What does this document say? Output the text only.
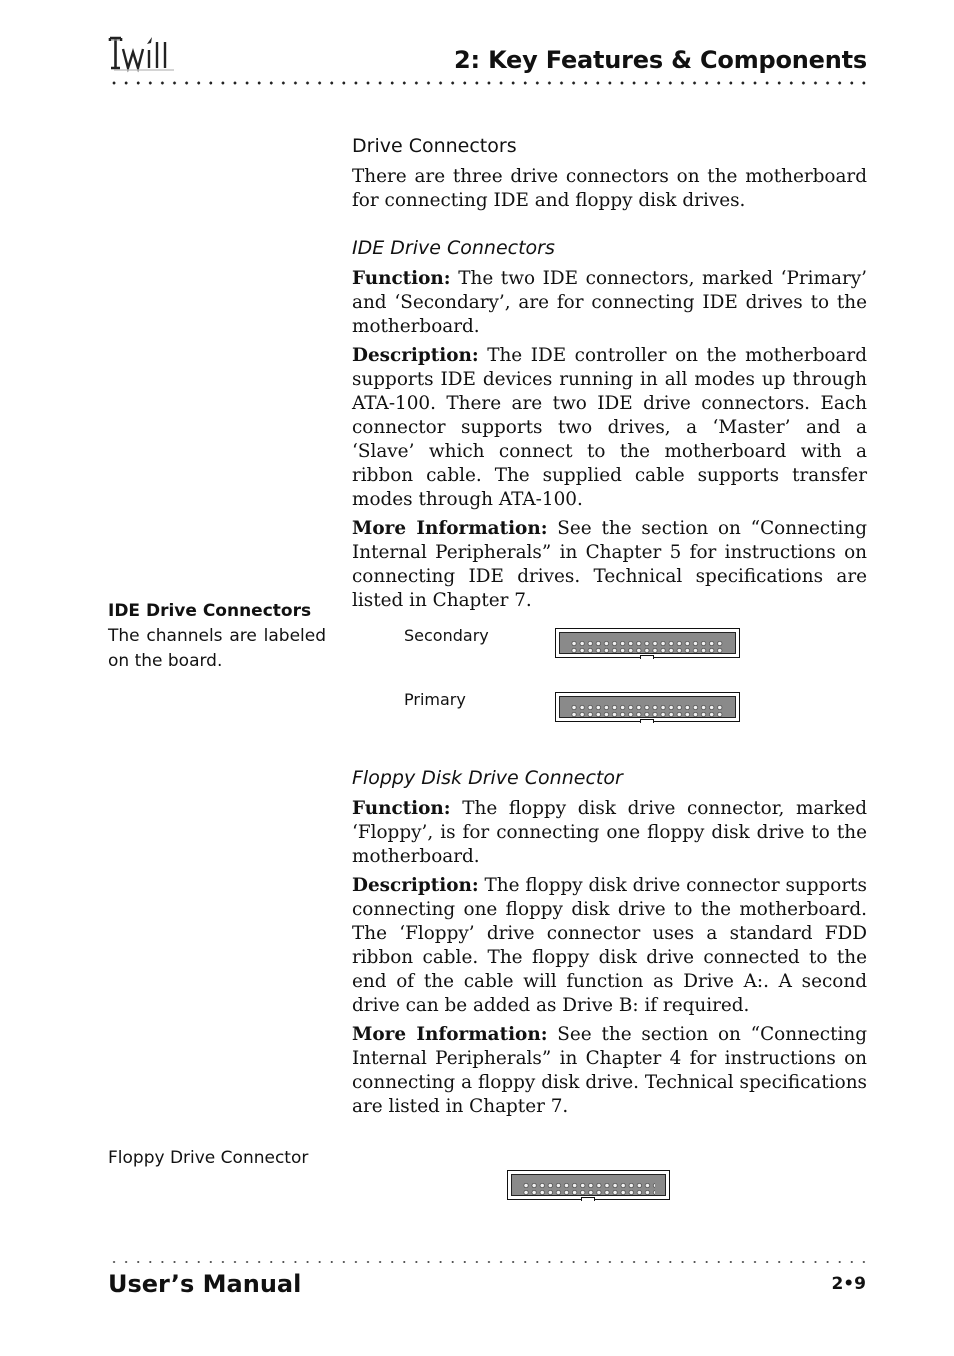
2: Key Features & Components
Drive Connectors

There are three drive connectors on the motherboard for connecting IDE and floppy disk drives.

IDE Drive Connectors

Function: The two IDE connectors, marked ‘Primary’ and ‘Secondary’, are for connecting IDE drives to the motherboard.

Description: The IDE controller on the motherboard supports IDE devices running in all modes up through ATA-100. There are two IDE drive connectors. Each connector supports two drives, a ‘Master’ and a ‘Slave’ which connect to the motherboard with a ribbon cable. The supplied cable supports transfer modes through ATA-100.

More Information: See the section on “Connecting Internal Peripherals” in Chapter 5 for instructions on connecting IDE drives. Technical specifications are listed in Chapter 7.

IDE Drive Connectors
The channels are labeled on the board.
Secondary
Primary
Floppy Disk Drive Connector

Function: The floppy disk drive connector, marked ‘Floppy’, is for connecting one floppy disk drive to the motherboard.

Description: The floppy disk drive connector supports connecting one floppy disk drive to the motherboard. The ‘Floppy’ drive connector uses a standard FDD ribbon cable. The floppy disk drive connected to the end of the cable will function as Drive A:. A second drive can be added as Drive B: if required.

More Information: See the section on “Connecting Internal Peripherals” in Chapter 4 for instructions on connecting a floppy disk drive. Technical specifications are listed in Chapter 7.

Floppy Drive Connector
User’s Manual	2•9
